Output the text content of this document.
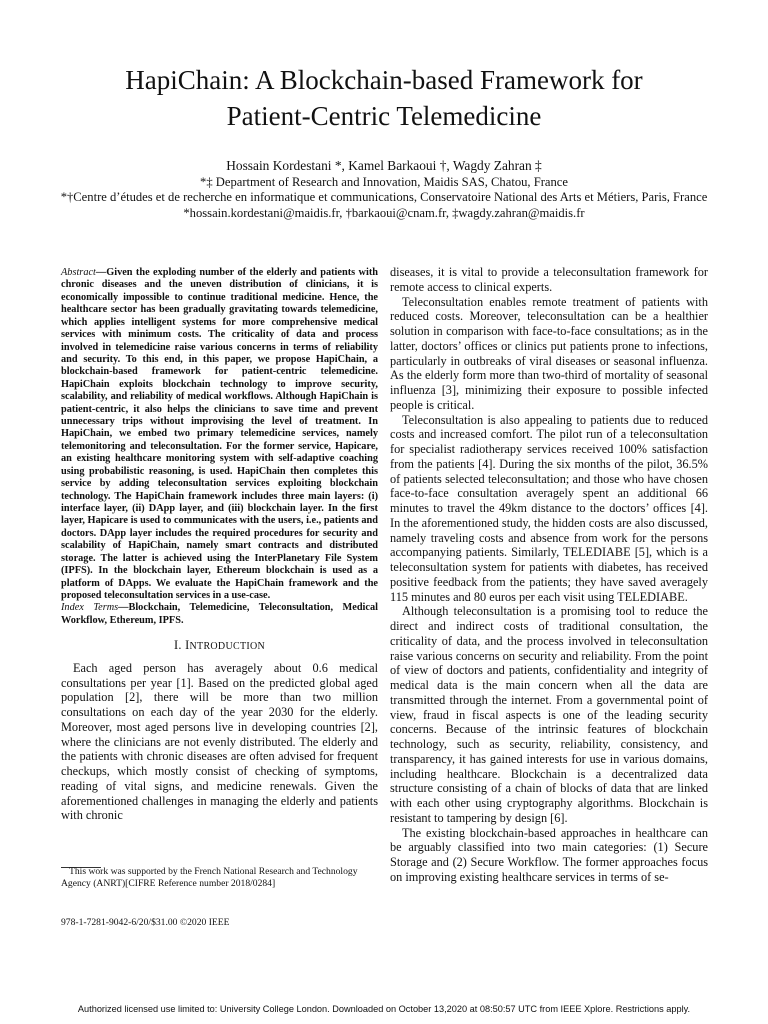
HapiChain: A Blockchain-based Framework for
Patient-Centric Telemedicine
Hossain Kordestani *, Kamel Barkaoui †, Wagdy Zahran ‡
*‡ Department of Research and Innovation, Maidis SAS, Chatou, France
*†Centre d’études et de recherche en informatique et communications, Conservatoire National des Arts et Métiers, Paris, France
*hossain.kordestani@maidis.fr, †barkaoui@cnam.fr, ‡wagdy.zahran@maidis.fr
Abstract—Given the exploding number of the elderly and patients with chronic diseases and the uneven distribution of clinicians, it is economically impossible to continue traditional medicine. Hence, the healthcare sector has been gradually gravitating towards telemedicine, which applies intelligent systems for more comprehensive medical services with minimum costs. The criticality of data and process involved in telemedicine raise various concerns in terms of reliability and security. To this end, in this paper, we propose HapiChain, a blockchain-based framework for patient-centric telemedicine. HapiChain exploits blockchain technology to improve security, scalability, and reliability of medical workflows. Although HapiChain is patient-centric, it also helps the clinicians to save time and prevent unnecessary trips without improvising the level of treatment. In HapiChain, we embed two primary telemedicine services, namely telemonitoring and teleconsultation. For the former service, Hapicare, an existing healthcare monitoring system with self-adaptive coaching using probabilistic reasoning, is used. HapiChain then completes this service by adding teleconsultation services exploiting blockchain technology. The HapiChain framework includes three main layers: (i) interface layer, (ii) DApp layer, and (iii) blockchain layer. In the first layer, Hapicare is used to communicates with the users, i.e., patients and doctors. DApp layer includes the required procedures for security and scalability of HapiChain, namely smart contracts and distributed storage. The latter is achieved using the InterPlanetary File System (IPFS). In the blockchain layer, Ethereum blockchain is used as a platform of DApps. We evaluate the HapiChain framework and the proposed teleconsultation services in a use-case.
Index Terms—Blockchain, Telemedicine, Teleconsultation, Medical Workflow, Ethereum, IPFS.
I. INTRODUCTION

Each aged person has averagely about 0.6 medical consultations per year [1]. Based on the predicted global aged population [2], there will be more than two million consultations on each day of the year 2030 for the elderly. Moreover, most aged persons live in developing countries [2], where the clinicians are not evenly distributed. The elderly and the patients with chronic diseases are often advised for frequent checkups, which mostly consist of checking of symptoms, reading of vital signs, and medicine renewals. Given the aforementioned challenges in managing the elderly and patients with chronic

diseases, it is vital to provide a teleconsultation framework for remote access to clinical experts.

Teleconsultation enables remote treatment of patients with reduced costs. Moreover, teleconsultation can be a healthier solution in comparison with face-to-face consultations; as in the latter, doctors’ offices or clinics put patients prone to infections, particularly in outbreaks of viral diseases or seasonal influenza. As the elderly form more than two-third of mortality of seasonal influenza [3], minimizing their exposure to possible infected people is critical.

Teleconsultation is also appealing to patients due to reduced costs and increased comfort. The pilot run of a teleconsultation for specialist radiotherapy services received 100% satisfaction from the patients [4]. During the six months of the pilot, 36.5% of patients selected teleconsultation; and those who have chosen face-to-face consultation averagely spent an additional 66 minutes to travel the 49km distance to the doctors’ offices [4]. In the aforementioned study, the hidden costs are also discussed, namely traveling costs and absence from work for the persons accompanying patients. Similarly, TELEDIABE [5], which is a teleconsultation system for patients with diabetes, has received positive feedback from the patients; they have saved averagely 115 minutes and 80 euros per each visit using TELEDIABE.

Although teleconsultation is a promising tool to reduce the direct and indirect costs of traditional consultation, the criticality of data, and the process involved in teleconsultation raise various concerns on security and reliability. From the point of view of doctors and patients, confidentiality and integrity of medical data is the main concern when all the data are transmitted through the internet. From a governmental point of view, fraud in fiscal aspects is one of the leading security concerns. Because of the intrinsic features of blockchain technology, such as security, reliability, consistency, and transparency, it has gained interests for use in various domains, including healthcare. Blockchain is a decentralized data structure consisting of a chain of blocks of data that are linked with each other using cryptography algorithms. Blockchain is resistant to tampering by design [6].

The existing blockchain-based approaches in healthcare can be arguably classified into two main categories: (1) Secure Storage and (2) Secure Workflow. The former approaches focus on improving existing healthcare services in terms of se-

This work was supported by the French National Research and Technology Agency (ANRT)[CIFRE Reference number 2018/0284]
978-1-7281-9042-6/20/$31.00 ©2020 IEEE
Authorized licensed use limited to: University College London. Downloaded on October 13,2020 at 08:50:57 UTC from IEEE Xplore. Restrictions apply.
